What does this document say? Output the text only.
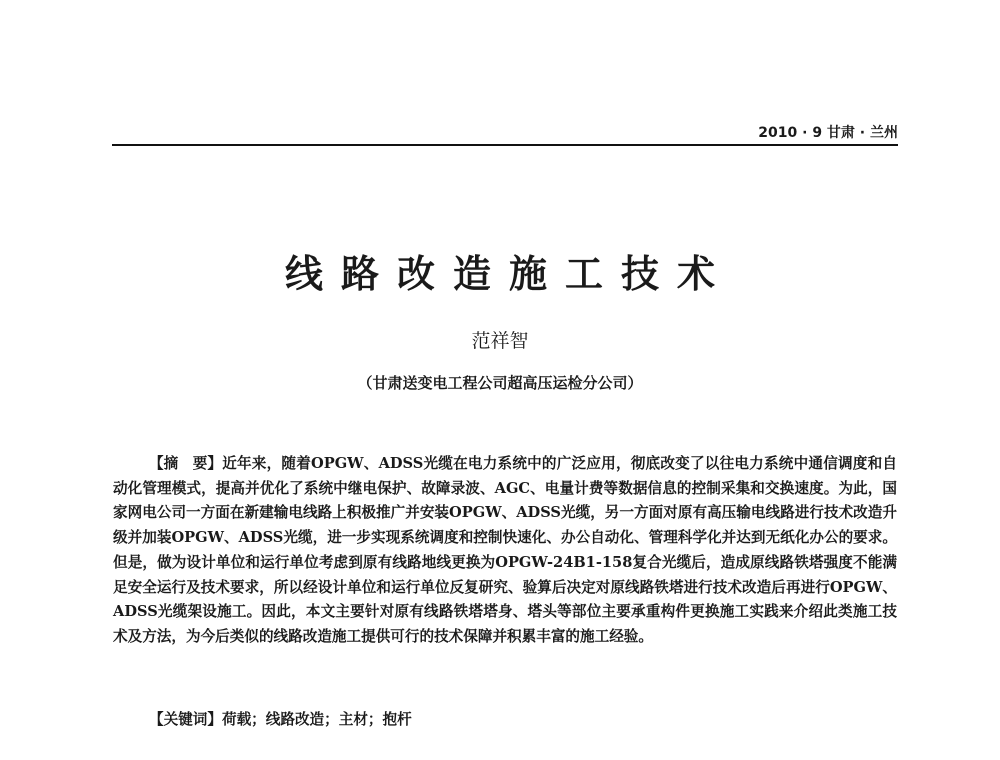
2010 · 9 甘肃 · 兰州
线路改造施工技术
范祥智
（甘肃送变电工程公司超高压运检分公司）
【摘　要】近年来，随着OPGW、ADSS光缆在电力系统中的广泛应用，彻底改变了以往电力系统中通信调度和自动化管理模式，提高并优化了系统中继电保护、故障录波、AGC、电量计费等数据信息的控制采集和交换速度。为此，国家网电公司一方面在新建输电线路上积极推广并安装OPGW、ADSS光缆，另一方面对原有高压输电线路进行技术改造升级并加装OPGW、ADSS光缆，进一步实现系统调度和控制快速化、办公自动化、管理科学化并达到无纸化办公的要求。但是，做为设计单位和运行单位考虑到原有线路地线更换为OPGW-24B1-158复合光缆后，造成原线路铁塔强度不能满足安全运行及技术要求，所以经设计单位和运行单位反复研究、验算后决定对原线路铁塔进行技术改造后再进行OPGW、ADSS光缆架设施工。因此，本文主要针对原有线路铁塔塔身、塔头等部位主要承重构件更换施工实践来介绍此类施工技术及方法，为今后类似的线路改造施工提供可行的技术保障并积累丰富的施工经验。
【关键词】荷载；线路改造；主材；抱杆
